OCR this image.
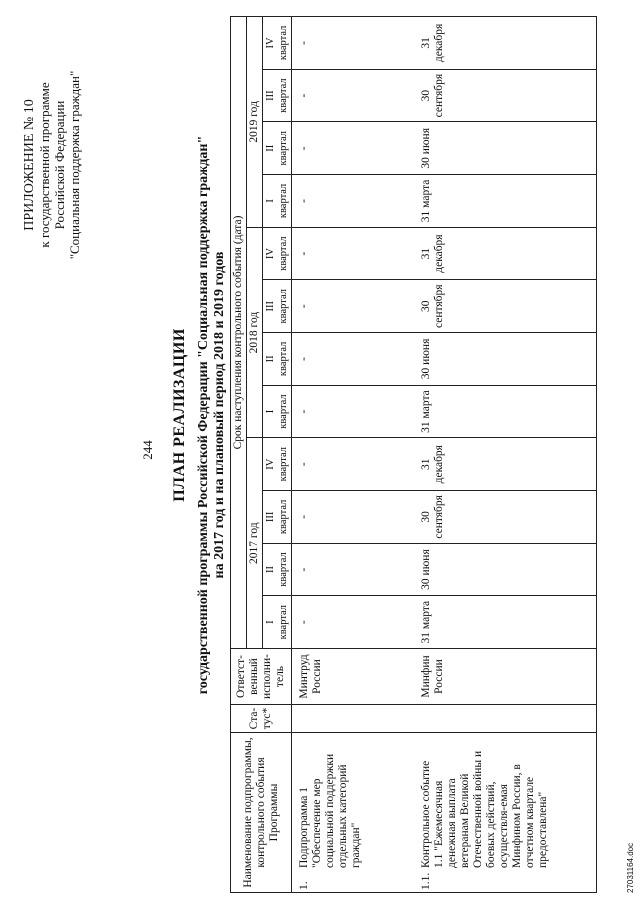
244
ПРИЛОЖЕНИЕ № 10 к государственной программе Российской Федерации "Социальная поддержка граждан"
ПЛАН РЕАЛИЗАЦИИ государственной программы Российской Федерации "Социальная поддержка граждан" на 2017 год и на плановый период 2018 и 2019 годов
Наименование подпрограммы, контрольного события Программы	Ста-тус*	Ответст-венный исполни-тель	Срок наступления контрольного события (дата)											
			2017 год				2018 год				2019 год			
			I квартал	II квартал	III квартал	IV квартал	I квартал	II квартал	III квартал	IV квартал	I квартал	II квартал	III квартал	IV квартал
1.Подпрограмма 1 "Обеспечение мер социальной поддержки отдельных категорий граждан"		Минтруд России	-	-	-	-	-	-	-	-	-	-	-	-
1.1.Контрольное событие 1.1 "Ежемесячная денежная выплата ветеранам Великой Отечественной войны и боевых действий, осуществля-емая Минфином России, в отчетном квартале предоставлена"		Минфин России	31 марта	30 июня	30 сентября	31 декабря	31 марта	30 июня	30 сентября	31 декабря	31 марта	30 июня	30 сентября	31 декабря
27031164.doc
